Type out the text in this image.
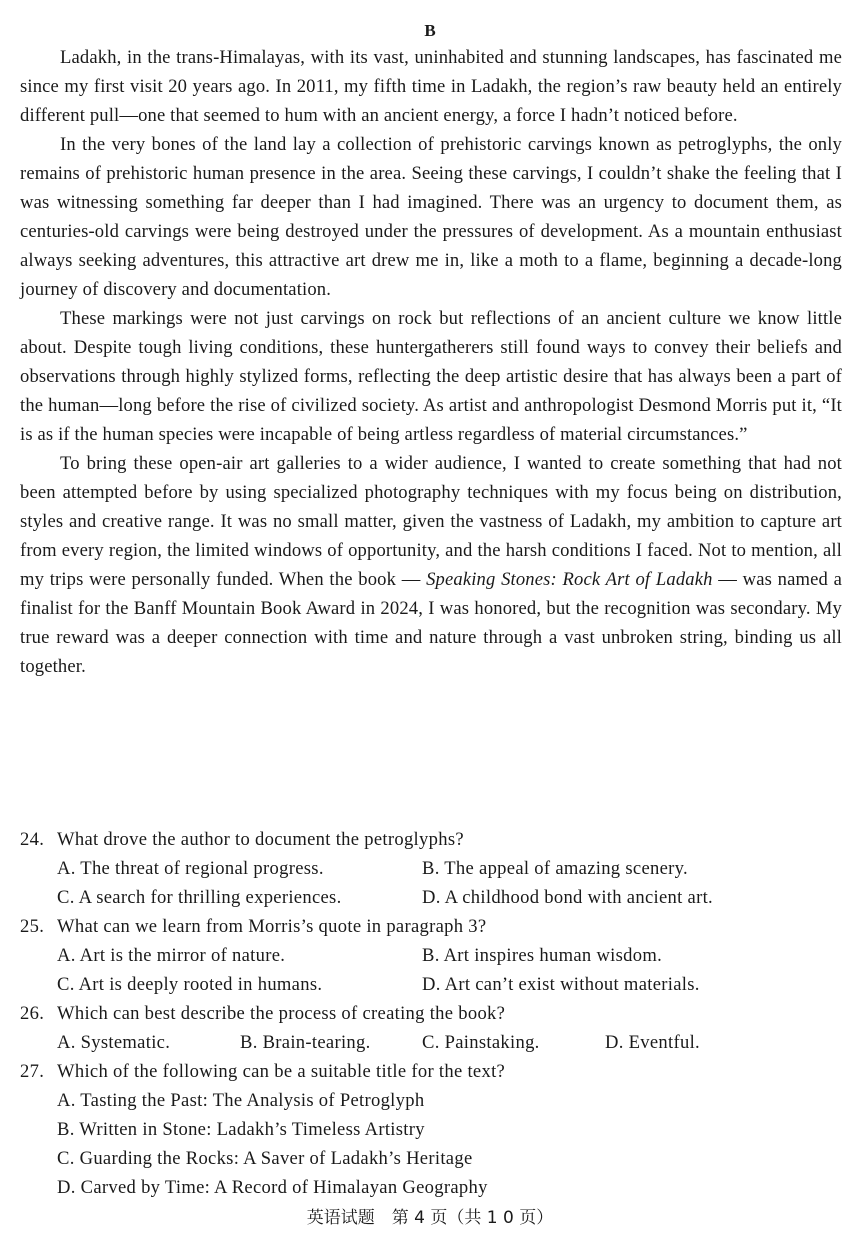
B

Ladakh, in the trans-Himalayas, with its vast, uninhabited and stunning landscapes, has fascinated me since my first visit 20 years ago. In 2011, my fifth time in Ladakh, the region’s raw beauty held an entirely different pull—one that seemed to hum with an ancient energy, a force I hadn’t noticed before.

In the very bones of the land lay a collection of prehistoric carvings known as petroglyphs, the only remains of prehistoric human presence in the area. Seeing these carvings, I couldn’t shake the feeling that I was witnessing something far deeper than I had imagined. There was an urgency to document them, as centuries-old carvings were being destroyed under the pressures of development. As a mountain enthusiast always seeking adventures, this attractive art drew me in, like a moth to a flame, beginning a decade-long journey of discovery and documentation.

These markings were not just carvings on rock but reflections of an ancient culture we know little about. Despite tough living conditions, these huntergatherers still found ways to convey their beliefs and observations through highly stylized forms, reflecting the deep artistic desire that has always been a part of the human—long before the rise of civilized society. As artist and anthropologist Desmond Morris put it, “It is as if the human species were incapable of being artless regardless of material circumstances.”

To bring these open-air art galleries to a wider audience, I wanted to create something that had not been attempted before by using specialized photography techniques with my focus being on distribution, styles and creative range. It was no small matter, given the vastness of Ladakh, my ambition to capture art from every region, the limited windows of opportunity, and the harsh conditions I faced. Not to mention, all my trips were personally funded. When the book — Speaking Stones: Rock Art of Ladakh — was named a finalist for the Banff Mountain Book Award in 2024, I was honored, but the recognition was secondary. My true reward was a deeper connection with time and nature through a vast unbroken string, binding us all together.

24. What drove the author to document the petroglyphs?
A. The threat of regional progress.	B. The appeal of amazing scenery.
C. A search for thrilling experiences.	D. A childhood bond with ancient art.
25. What can we learn from Morris’s quote in paragraph 3?
A. Art is the mirror of nature.	B. Art inspires human wisdom.
C. Art is deeply rooted in humans.	D. Art can’t exist without materials.
26. Which can best describe the process of creating the book?
A. Systematic.	B. Brain-tearing.	C. Painstaking.	D. Eventful.
27. Which of the following can be a suitable title for the text?
A. Tasting the Past: The Analysis of Petroglyph
B. Written in Stone: Ladakh’s Timeless Artistry
C. Guarding the Rocks: A Saver of Ladakh’s Heritage
D. Carved by Time: A Record of Himalayan Geography
英语试题　第 4 页（共 1 0 页）
